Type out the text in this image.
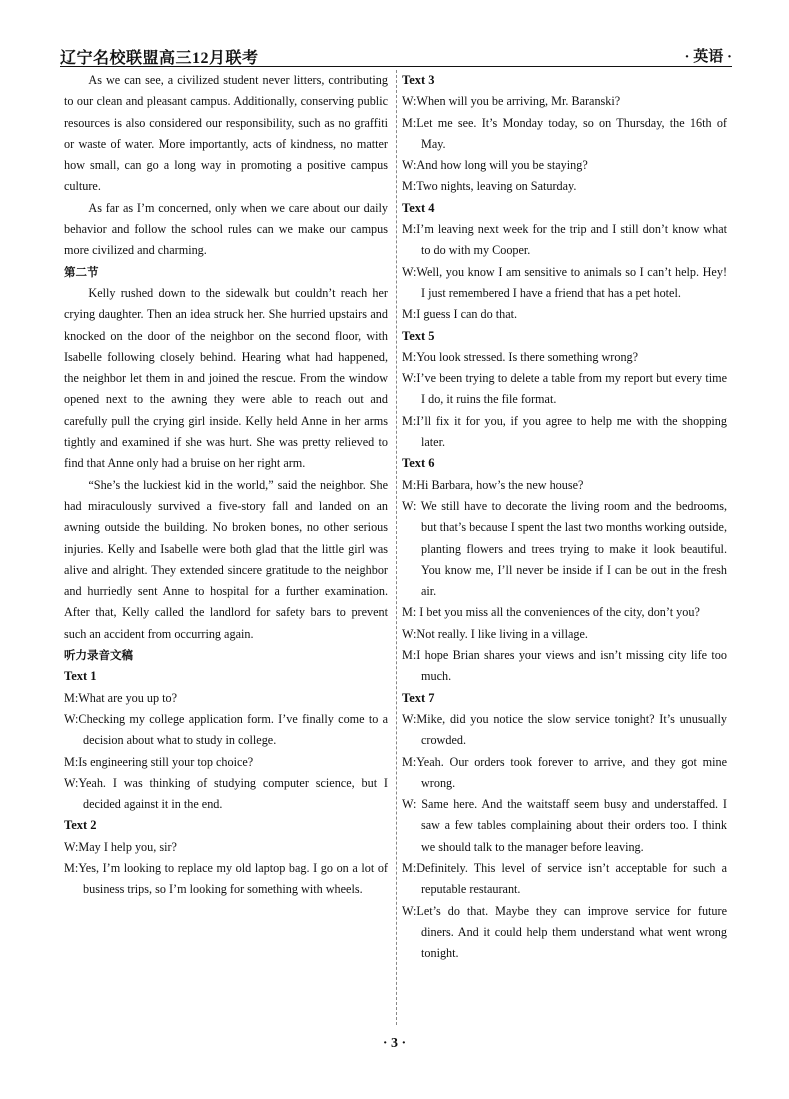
辽宁名校联盟高三12月联考	· 英语 ·

As we can see, a civilized student never litters, contributing to our clean and pleasant campus. Additionally, conserving public resources is also considered our responsibility, such as no graffiti or waste of water. More importantly, acts of kindness, no matter how small, can go a long way in promoting a positive campus culture.

As far as I’m concerned, only when we care about our daily behavior and follow the school rules can we make our campus more civilized and charming.

第二节

Kelly rushed down to the sidewalk but couldn’t reach her crying daughter. Then an idea struck her. She hurried upstairs and knocked on the door of the neighbor on the second floor, with Isabelle following closely behind. Hearing what had happened, the neighbor let them in and joined the rescue. From the window opened next to the awning they were able to reach out and carefully pull the crying girl inside. Kelly held Anne in her arms tightly and examined if she was hurt. She was pretty relieved to find that Anne only had a bruise on her right arm.

“She’s the luckiest kid in the world,” said the neighbor. She had miraculously survived a five-story fall and landed on an awning outside the building. No broken bones, no other serious injuries. Kelly and Isabelle were both glad that the little girl was alive and alright. They extended sincere gratitude to the neighbor and hurriedly sent Anne to hospital for a further examination. After that, Kelly called the landlord for safety bars to prevent such an accident from occurring again.

听力录音文稿
Text 1
M:What are you up to?
W:Checking my college application form. I’ve finally come to a decision about what to study in college.
M:Is engineering still your top choice?
W:Yeah. I was thinking of studying computer science, but I decided against it in the end.
Text 2
W:May I help you, sir?
M:Yes, I’m looking to replace my old laptop bag. I go on a lot of business trips, so I’m looking for something with wheels.
Text 3
W:When will you be arriving, Mr. Baranski?
M:Let me see. It’s Monday today, so on Thursday, the 16th of May.
W:And how long will you be staying?
M:Two nights, leaving on Saturday.
Text 4
M:I’m leaving next week for the trip and I still don’t know what to do with my Cooper.
W:Well, you know I am sensitive to animals so I can’t help. Hey! I just remembered I have a friend that has a pet hotel.
M:I guess I can do that.
Text 5
M:You look stressed. Is there something wrong?
W:I’ve been trying to delete a table from my report but every time I do, it ruins the file format.
M:I’ll fix it for you, if you agree to help me with the shopping later.
Text 6
M:Hi Barbara, how’s the new house?
W: We still have to decorate the living room and the bedrooms, but that’s because I spent the last two months working outside, planting flowers and trees trying to make it look beautiful. You know me, I’ll never be inside if I can be out in the fresh air.
M: I bet you miss all the conveniences of the city, don’t you?
W:Not really. I like living in a village.
M:I hope Brian shares your views and isn’t missing city life too much.
Text 7
W:Mike, did you notice the slow service tonight? It’s unusually crowded.
M:Yeah. Our orders took forever to arrive, and they got mine wrong.
W: Same here. And the waitstaff seem busy and understaffed. I saw a few tables complaining about their orders too. I think we should talk to the manager before leaving.
M:Definitely. This level of service isn’t acceptable for such a reputable restaurant.
W:Let’s do that. Maybe they can improve service for future diners. And it could help them understand what went wrong tonight.
· 3 ·
